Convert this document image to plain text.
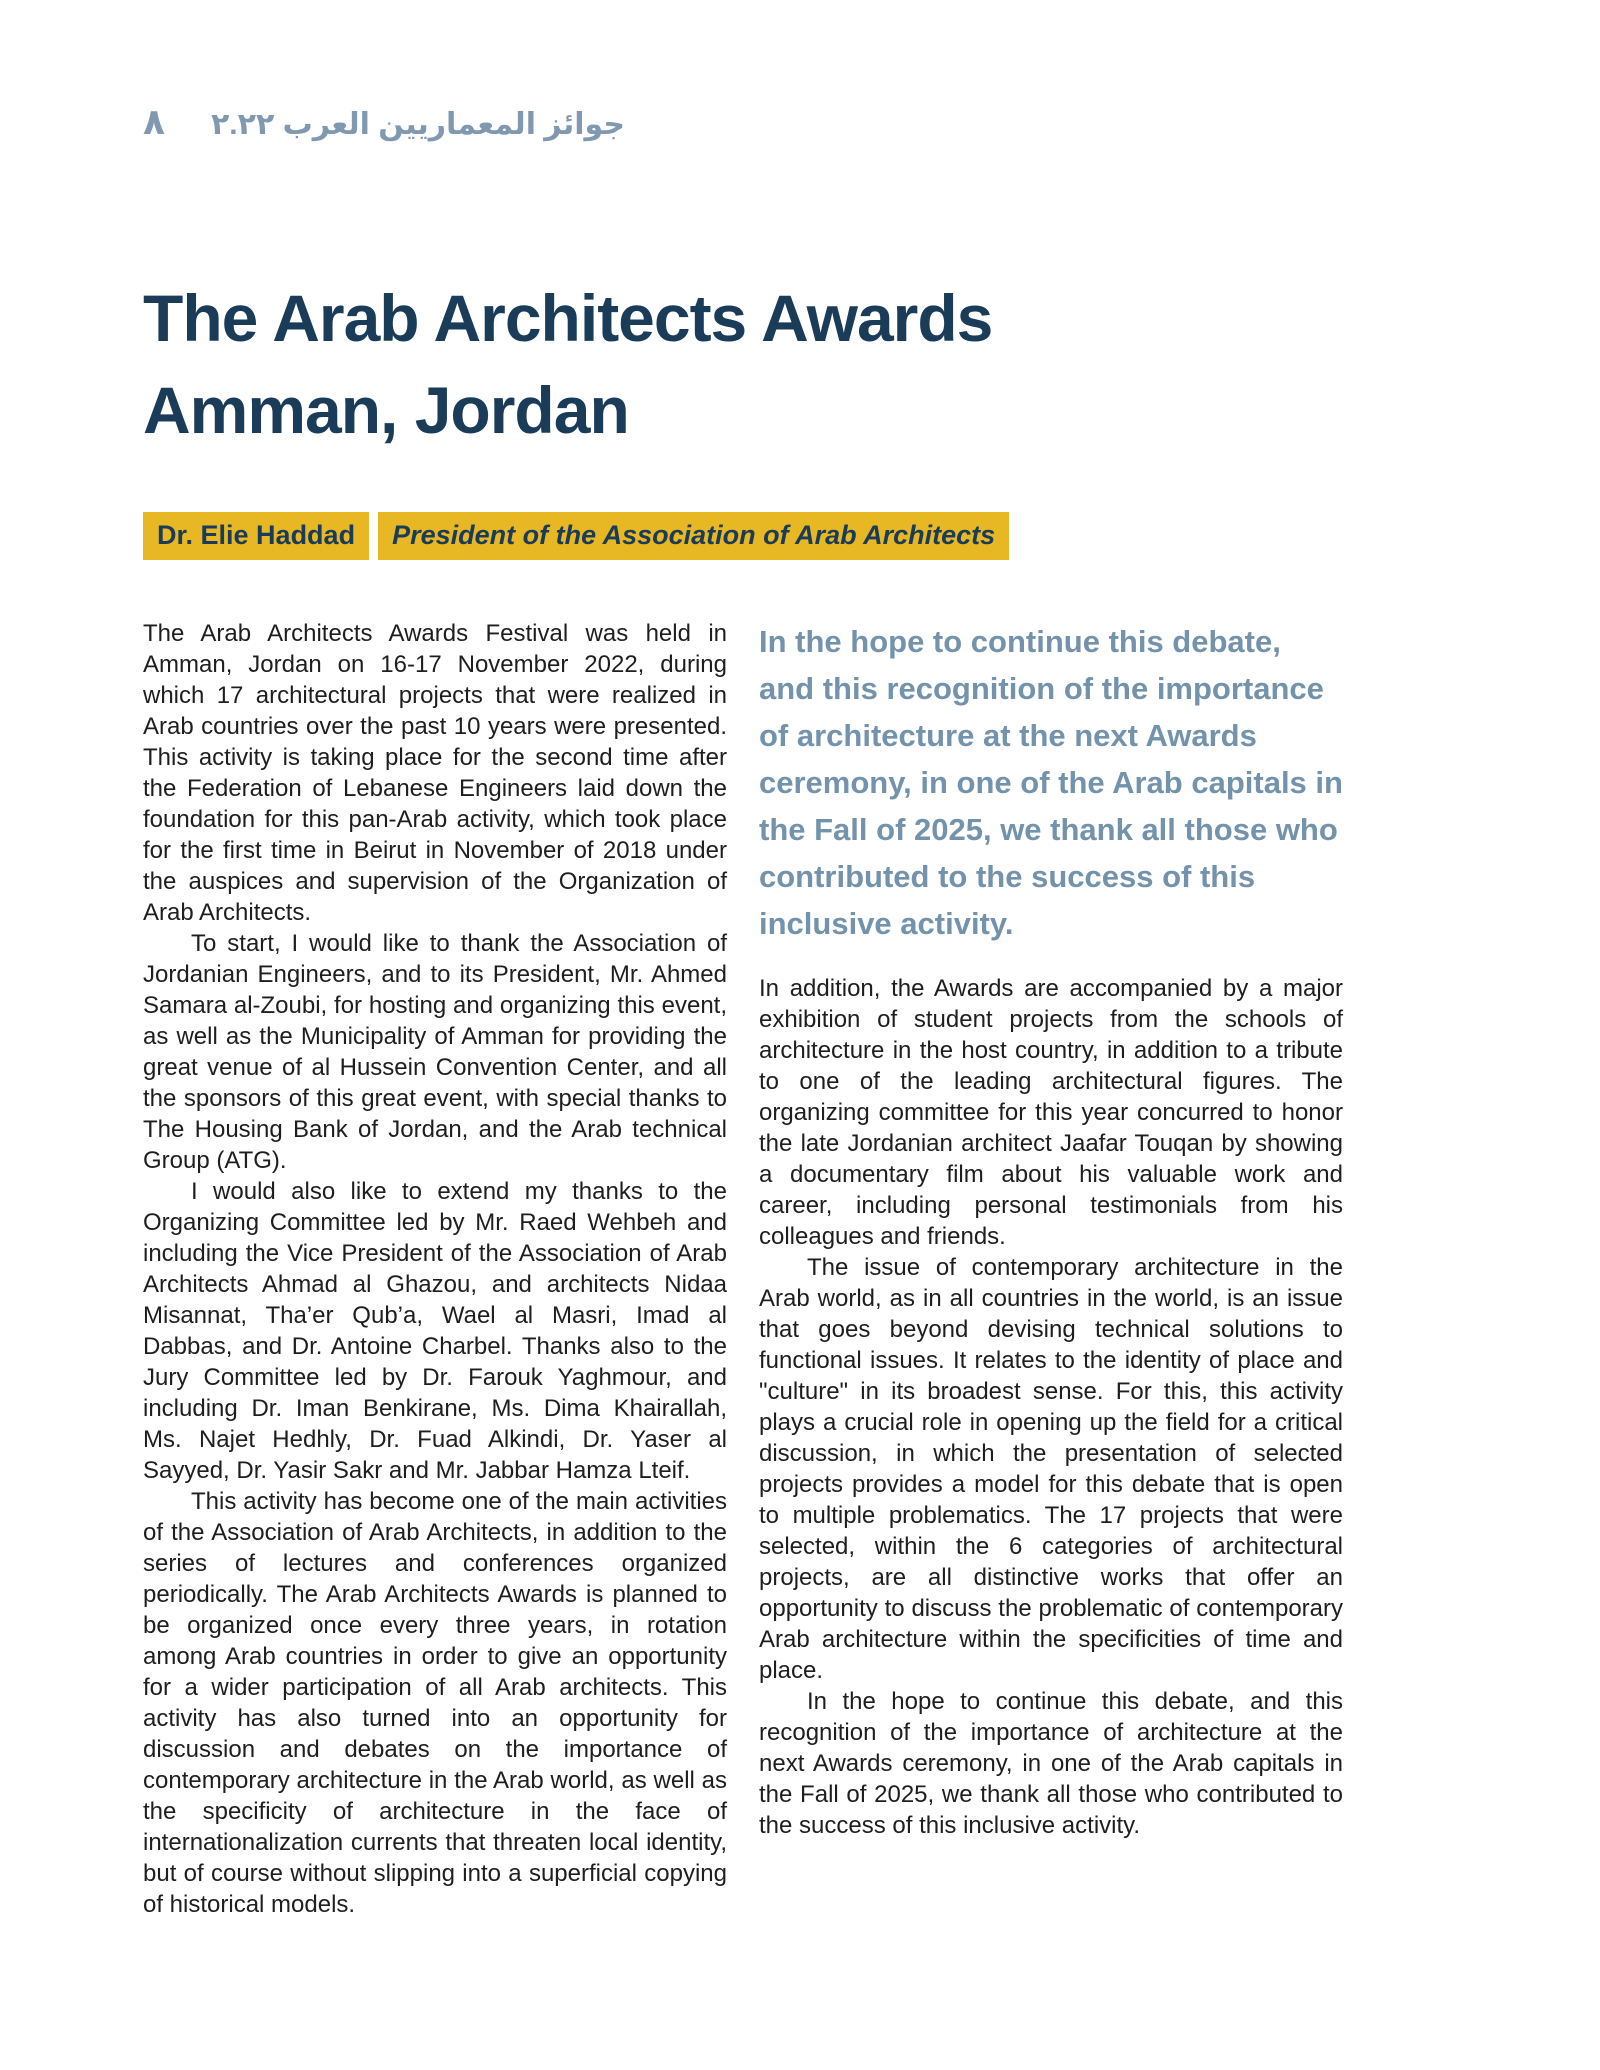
٨ جوائز المعماريين العرب ٢.٢٢
The Arab Architects Awards
Amman, Jordan
Dr. Elie Haddad	President of the Association of Arab Architects

The Arab Architects Awards Festival was held in Amman, Jordan on 16-17 November 2022, during which 17 architectural projects that were realized in Arab countries over the past 10 years were presented. This activity is taking place for the second time after the Federation of Lebanese Engineers laid down the foundation for this pan-Arab activity, which took place for the first time in Beirut in November of 2018 under the auspices and supervision of the Organization of Arab Architects.

To start, I would like to thank the Association of Jordanian Engineers, and to its President, Mr. Ahmed Samara al-Zoubi, for hosting and organizing this event, as well as the Municipality of Amman for providing the great venue of al Hussein Convention Center, and all the sponsors of this great event, with special thanks to The Housing Bank of Jordan, and the Arab technical Group (ATG).

I would also like to extend my thanks to the Organizing Committee led by Mr. Raed Wehbeh and including the Vice President of the Association of Arab Architects Ahmad al Ghazou, and architects Nidaa Misannat, Tha’er Qub’a, Wael al Masri, Imad al Dabbas, and Dr. Antoine Charbel. Thanks also to the Jury Committee led by Dr. Farouk Yaghmour, and including Dr. Iman Benkirane, Ms. Dima Khairallah, Ms. Najet Hedhly, Dr. Fuad Alkindi, Dr. Yaser al Sayyed, Dr. Yasir Sakr and Mr. Jabbar Hamza Lteif.

This activity has become one of the main activities of the Association of Arab Architects, in addition to the series of lectures and conferences organized periodically. The Arab Architects Awards is planned to be organized once every three years, in rotation among Arab countries in order to give an opportunity for a wider participation of all Arab architects. This activity has also turned into an opportunity for discussion and debates on the importance of contemporary architecture in the Arab world, as well as the specificity of architecture in the face of internationalization currents that threaten local identity, but of course without slipping into a superficial copying of historical models.

In the hope to continue this debate, and this recognition of the importance of architecture at the next Awards ceremony, in one of the Arab capitals in the Fall of 2025, we thank all those who contributed to the success of this inclusive activity.

In addition, the Awards are accompanied by a major exhibition of student projects from the schools of architecture in the host country, in addition to a tribute to one of the leading architectural figures. The organizing committee for this year concurred to honor the late Jordanian architect Jaafar Touqan by showing a documentary film about his valuable work and career, including personal testimonials from his colleagues and friends.

The issue of contemporary architecture in the Arab world, as in all countries in the world, is an issue that goes beyond devising technical solutions to functional issues. It relates to the identity of place and "culture" in its broadest sense. For this, this activity plays a crucial role in opening up the field for a critical discussion, in which the presentation of selected projects provides a model for this debate that is open to multiple problematics. The 17 projects that were selected, within the 6 categories of architectural projects, are all distinctive works that offer an opportunity to discuss the problematic of contemporary Arab architecture within the specificities of time and place.

In the hope to continue this debate, and this recognition of the importance of architecture at the next Awards ceremony, in one of the Arab capitals in the Fall of 2025, we thank all those who contributed to the success of this inclusive activity.
